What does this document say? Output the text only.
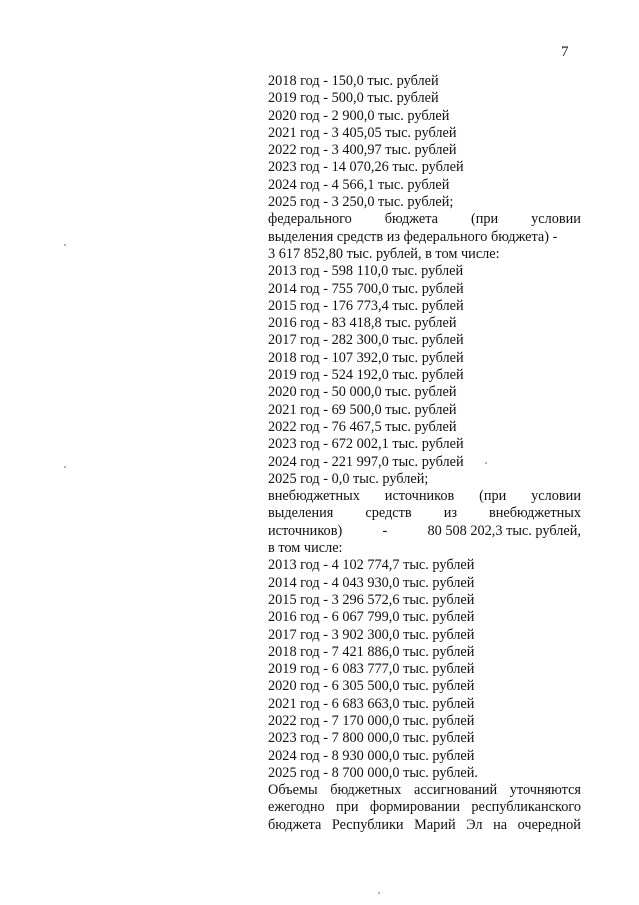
7
2018 год - 150,0 тыс. рублей
2019 год - 500,0 тыс. рублей
2020 год - 2 900,0 тыс. рублей
2021 год - 3 405,05 тыс. рублей
2022 год - 3 400,97 тыс. рублей
2023 год - 14 070,26 тыс. рублей
2024 год - 4 566,1 тыс. рублей
2025 год - 3 250,0 тыс. рублей;
федерального бюджета (при условии
выделения средств из федерального бюджета) -
3 617 852,80 тыс. рублей, в том числе:
2013 год - 598 110,0 тыс. рублей
2014 год - 755 700,0 тыс. рублей
2015 год - 176 773,4 тыс. рублей
2016 год - 83 418,8 тыс. рублей
2017 год - 282 300,0 тыс. рублей
2018 год - 107 392,0 тыс. рублей
2019 год - 524 192,0 тыс. рублей
2020 год - 50 000,0 тыс. рублей
2021 год - 69 500,0 тыс. рублей
2022 год - 76 467,5 тыс. рублей
2023 год - 672 002,1 тыс. рублей
2024 год - 221 997,0 тыс. рублей
2025 год - 0,0 тыс. рублей;
внебюджетных источников (при условии
выделения средств из внебюджетных
источников)	-	80 508 202,3 тыс. рублей,
в том числе:
2013 год - 4 102 774,7 тыс. рублей
2014 год - 4 043 930,0 тыс. рублей
2015 год - 3 296 572,6 тыс. рублей
2016 год - 6 067 799,0 тыс. рублей
2017 год - 3 902 300,0 тыс. рублей
2018 год - 7 421 886,0 тыс. рублей
2019 год - 6 083 777,0 тыс. рублей
2020 год - 6 305 500,0 тыс. рублей
2021 год - 6 683 663,0 тыс. рублей
2022 год - 7 170 000,0 тыс. рублей
2023 год - 7 800 000,0 тыс. рублей
2024 год - 8 930 000,0 тыс. рублей
2025 год - 8 700 000,0 тыс. рублей.
Объемы бюджетных ассигнований уточняются
ежегодно при формировании республиканского
бюджета Республики Марий Эл на очередной
